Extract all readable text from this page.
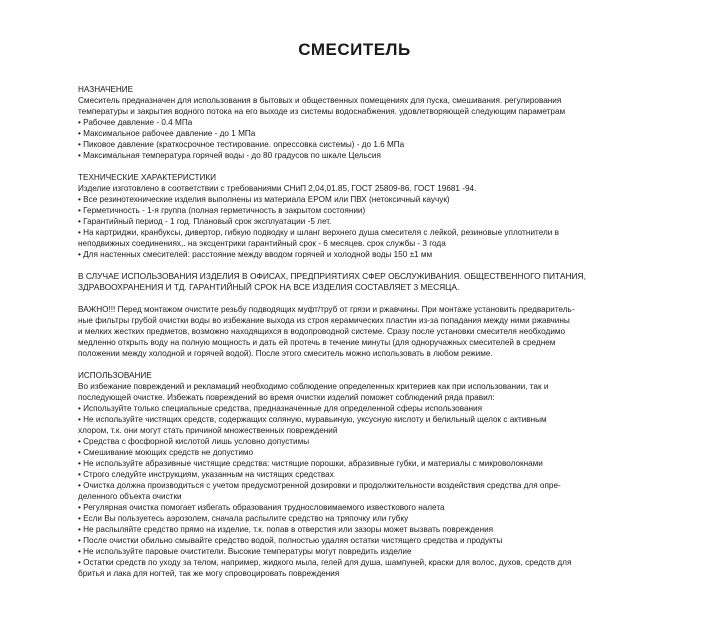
СМЕСИТЕЛЬ
НАЗНАЧЕНИЕ
Смеситель предназначен для использования в бытовых и общественных помещениях для пуска, смешивания. регулирования
температуры и закрытия водного потока на его выходе из системы водоснабжения. удовлетворяющей следующим параметрам
• Рабочее давление - 0.4 МПа
• Максимальное рабочее давление - до 1 МПа
• Пиковое давление (краткосрочное тестирование. опрессовка системы) - до 1.6 МПа
• Максимальная температура горячей воды - до 80 градусов по шкале Цельсия
ТЕХНИЧЕСКИЕ ХАРАКТЕРИСТИКИ
Изделие изготовлено в соответствии с требованиями СНиП 2,04,01.85, ГОСТ 25809-86. ГОСТ 19681 -94.
• Все резинотехнические изделия выполнены из материала EPOM или ПВХ (нетоксичный каучук)
• Герметичность - 1-я группа (полная герметичность в закрытом состоянии)
• Гарантийный период - 1 год. Плановый срок эксплуатации -5 лет.
• На картриджи, кранбуксы, дивертор, гибкую подводку и шланг верхнего душа смесителя с лейкой, резиновые уплотнители в
неподвижных соединениях,. на эксцентрики гарантийный срок - 6 месяцев. срок службы - 3 года
• Для настенных смесителей: расстояние между вводом горячей и холодной воды 150 ±1 мм
В СЛУЧАЕ ИСПОЛЬЗОВАНИЯ ИЗДЕЛИЯ В ОФИСАХ, ПРЕДПРИЯТИЯХ СФЕР ОБСЛУЖИВАНИЯ. ОБЩЕСТВЕННОГО ПИТАНИЯ,
ЗДРАВООХРАНЕНИЯ И ТД. ГАРАНТИЙНЫЙ СРОК НА ВСЕ ИЗДЕЛИЯ СОСТАВЛЯЕТ 3 МЕСЯЦА.
ВАЖНО!!! Перед монтажом очистите резьбу подводящих муфт/труб от грязи и ржавчины. При монтаже установить предваритель-
ные фильтры грубой очистки воды во избежание выхода из строя керамических пластин из-за попадания между ними ржавчины
и мелких жестких предметов, возможно находящихся в водопроводной системе. Сразу после установки смесителя необходимо
медленно открыть воду на полную мощность и дать ей протечь в течение минуты (для одноручажных смесителей в среднем
положении между холодной и горячей водой). После этого смеситель можно использовать в любом режиме.
ИСПОЛЬЗОВАНИЕ
Во избежание повреждений и рекламаций необходимо соблюдение определенных критериев как при использовании, так и
последующей очистке. Избежать повреждений во время очистки изделий поможет соблюдений ряда правил:
• Используйте только специальные средства, предназначенные для определенной сферы использования
• Не используйте чистящих средств, содержащих соляную, муравьиную, уксусную кислоту и белильный щелок с активным
хлором, т.к. они могут стать причиной множественных повреждений
• Средства с фосфорной кислотой лишь условно допустимы
• Смешивание моющих средств не допустимо
• Не используйте абразивные чистящие средства: чистящие порошки, абразивные губки, и материалы с микроволокнами
• Строго следуйте инструкциям, указанным на чистящих средствах
• Очистка должна производиться с учетом предусмотренной дозировки и продолжительности воздействия средства для опре-
деленного объекта очистки
• Регулярная очистка помогает избегать образования труднословимаемого известкового налета
• Если Вы пользуетесь аэрозолем, сначала распылите средство на тряпочку или губку
• Не распыляйте средство прямо на изделие, т.к. попав в отверстия или зазоры может вызвать повреждения
• После очистки обильно смывайте средство водой, полностью удаляя остатки чистящего средства и продукты
• Не используйте паровые очистители. Высокие температуры могут повредить изделие
• Остатки средств по уходу за телом, например, жидкого мыла, гелей для душа, шампуней, краски для волос, духов, средств для
бритья и лака для ногтей, так же могу спровоцировать повреждения
